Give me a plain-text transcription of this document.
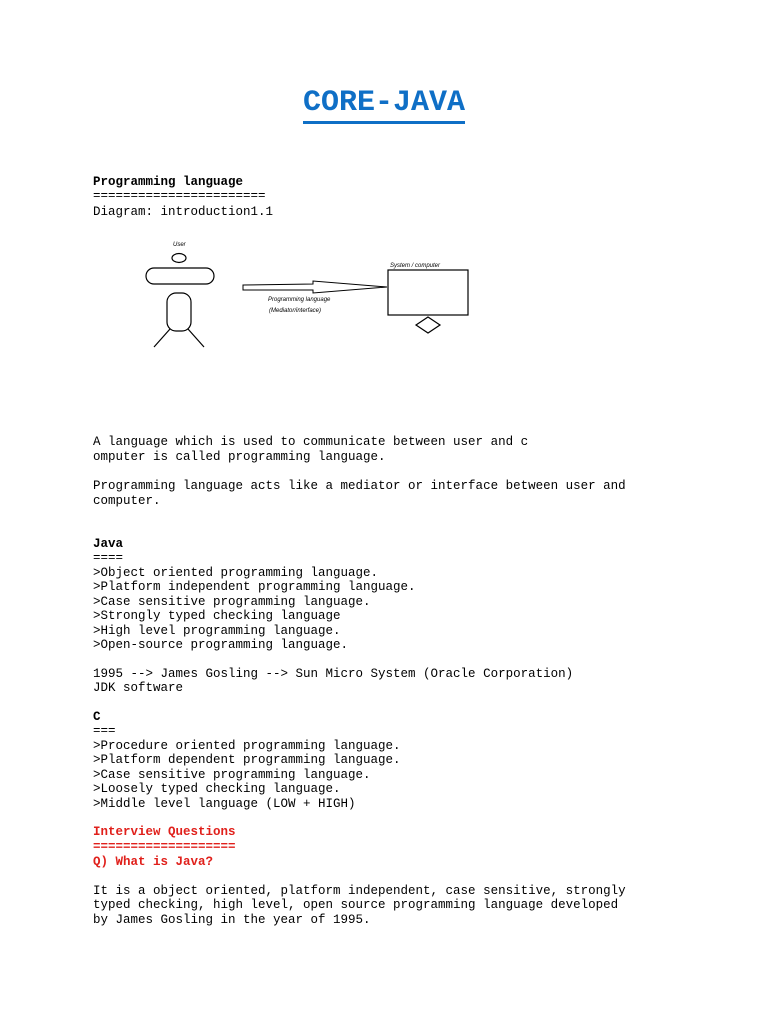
CORE-JAVA
Programming language
=======================
Diagram: introduction1.1
User
Programming language
(Mediator/interface)
System / computer
A language which is used to communicate between user and c
omputer is called programming language.
Programming language acts like a mediator or interface between user and
computer.
Java
====
>Object oriented programming language.
>Platform independent programming language.
>Case sensitive programming language.
>Strongly typed checking language
>High level programming language.
>Open-source programming language.
1995 --> James Gosling --> Sun Micro System (Oracle Corporation)
JDK software
C
===
>Procedure oriented programming language.
>Platform dependent programming language.
>Case sensitive programming language.
>Loosely typed checking language.
>Middle level language (LOW + HIGH)
Interview Questions
===================
Q) What is Java?
It is a object oriented, platform independent, case sensitive, strongly
typed checking, high level, open source programming language developed
by James Gosling in the year of 1995.
